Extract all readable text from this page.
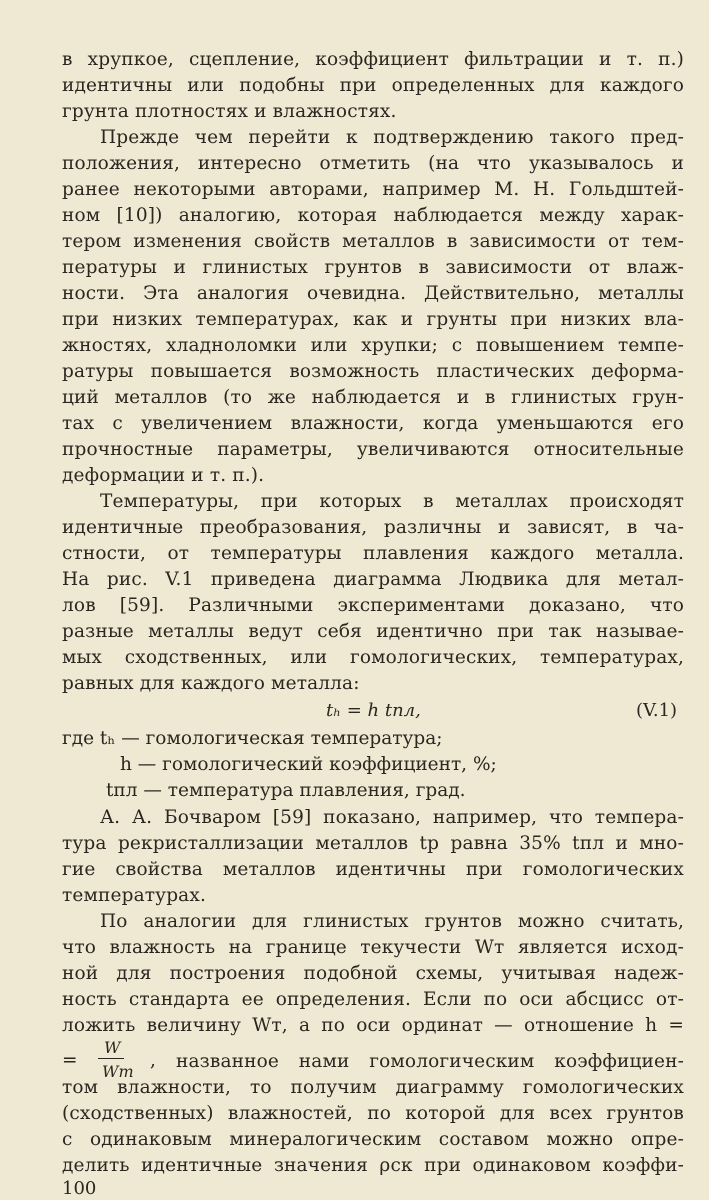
в хрупкое, сцепление, коэффициент фильтрации и т. п.)
идентичны или подобны при определенных для каждого
грунта плотностях и влажностях.
Прежде чем перейти к подтверждению такого пред-
положения, интересно отметить (на что указывалось и
ранее некоторыми авторами, например М. Н. Гольдштей-
ном [10]) аналогию, которая наблюдается между харак-
тером изменения свойств металлов в зависимости от тем-
пературы и глинистых грунтов в зависимости от влаж-
ности. Эта аналогия очевидна. Действительно, металлы
при низких температурах, как и грунты при низких вла-
жностях, хладноломки или хрупки; с повышением темпе-
ратуры повышается возможность пластических деформа-
ций металлов (то же наблюдается и в глинистых грун-
тах с увеличением влажности, когда уменьшаются его
прочностные параметры, увеличиваются относительные
деформации и т. п.).
Температуры, при которых в металлах происходят
идентичные преобразования, различны и зависят, в ча-
стности, от температуры плавления каждого металла.
На рис. V.1 приведена диаграмма Людвика для метал-
лов [59]. Различными экспериментами доказано, что
разные металлы ведут себя идентично при так называе-
мых сходственных, или гомологических, температурах,
равных для каждого металла:
tₕ = h tпл,	(V.1)
где tₕ — гомологическая температура;
h — гомологический коэффициент, %;
tпл — температура плавления, град.
А. А. Бочваром [59] показано, например, что темпера-
тура рекристаллизации металлов tр равна 35% tпл и мно-
гие свойства металлов идентичны при гомологических
температурах.
По аналогии для глинистых грунтов можно считать,
что влажность на границе текучести Wт является исход-
ной для построения подобной схемы, учитывая надеж-
ность стандарта ее определения. Если по оси абсцисс от-
ложить величину Wт, а по оси ординат — отношение h =
W
Wт
=	, названное нами гомологическим коэффициен-
том влажности, то получим диаграмму гомологических
(сходственных) влажностей, по которой для всех грунтов
с одинаковым минералогическим составом можно опре-
делить идентичные значения ρск при одинаковом коэффи-
100
